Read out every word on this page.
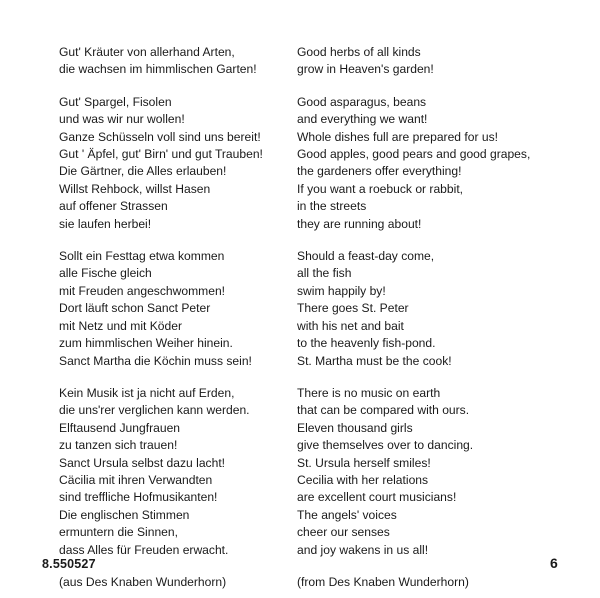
Gut' Kräuter von allerhand Arten,
die wachsen im himmlischen Garten!
Gut' Spargel, Fisolen
und was wir nur wollen!
Ganze Schüsseln voll sind uns bereit!
Gut ' Äpfel, gut' Birn' und gut Trauben!
Die Gärtner, die Alles erlauben!
Willst Rehbock, willst Hasen
auf offener Strassen
sie laufen herbei!
Sollt ein Festtag etwa kommen
alle Fische gleich
mit Freuden angeschwommen!
Dort läuft schon Sanct Peter
mit Netz und mit Köder
zum himmlischen Weiher hinein.
Sanct Martha die Köchin muss sein!
Kein Musik ist ja nicht auf Erden,
die uns'rer verglichen kann werden.
Elftausend Jungfrauen
zu tanzen sich trauen!
Sanct Ursula selbst dazu lacht!
Cäcilia mit ihren Verwandten
sind treffliche Hofmusikanten!
Die englischen Stimmen
ermuntern die Sinnen,
dass Alles für Freuden erwacht.
(aus Des Knaben Wunderhorn)
Good herbs of all kinds
grow in Heaven's garden!
Good asparagus, beans
and everything we want!
Whole dishes full are prepared for us!
Good apples, good pears and good grapes,
the gardeners offer everything!
If you want a roebuck or rabbit,
in the streets
they are running about!
Should a feast-day come,
all the fish
swim happily by!
There goes St. Peter
with his net and bait
to the heavenly fish-pond.
St. Martha must be the cook!
There is no music on earth
that can be compared with ours.
Eleven thousand girls
give themselves over to dancing.
St. Ursula herself smiles!
Cecilia with her relations
are excellent court musicians!
The angels' voices
cheer our senses
and joy wakens in us all!
(from Des Knaben Wunderhorn)
8.550527	6
